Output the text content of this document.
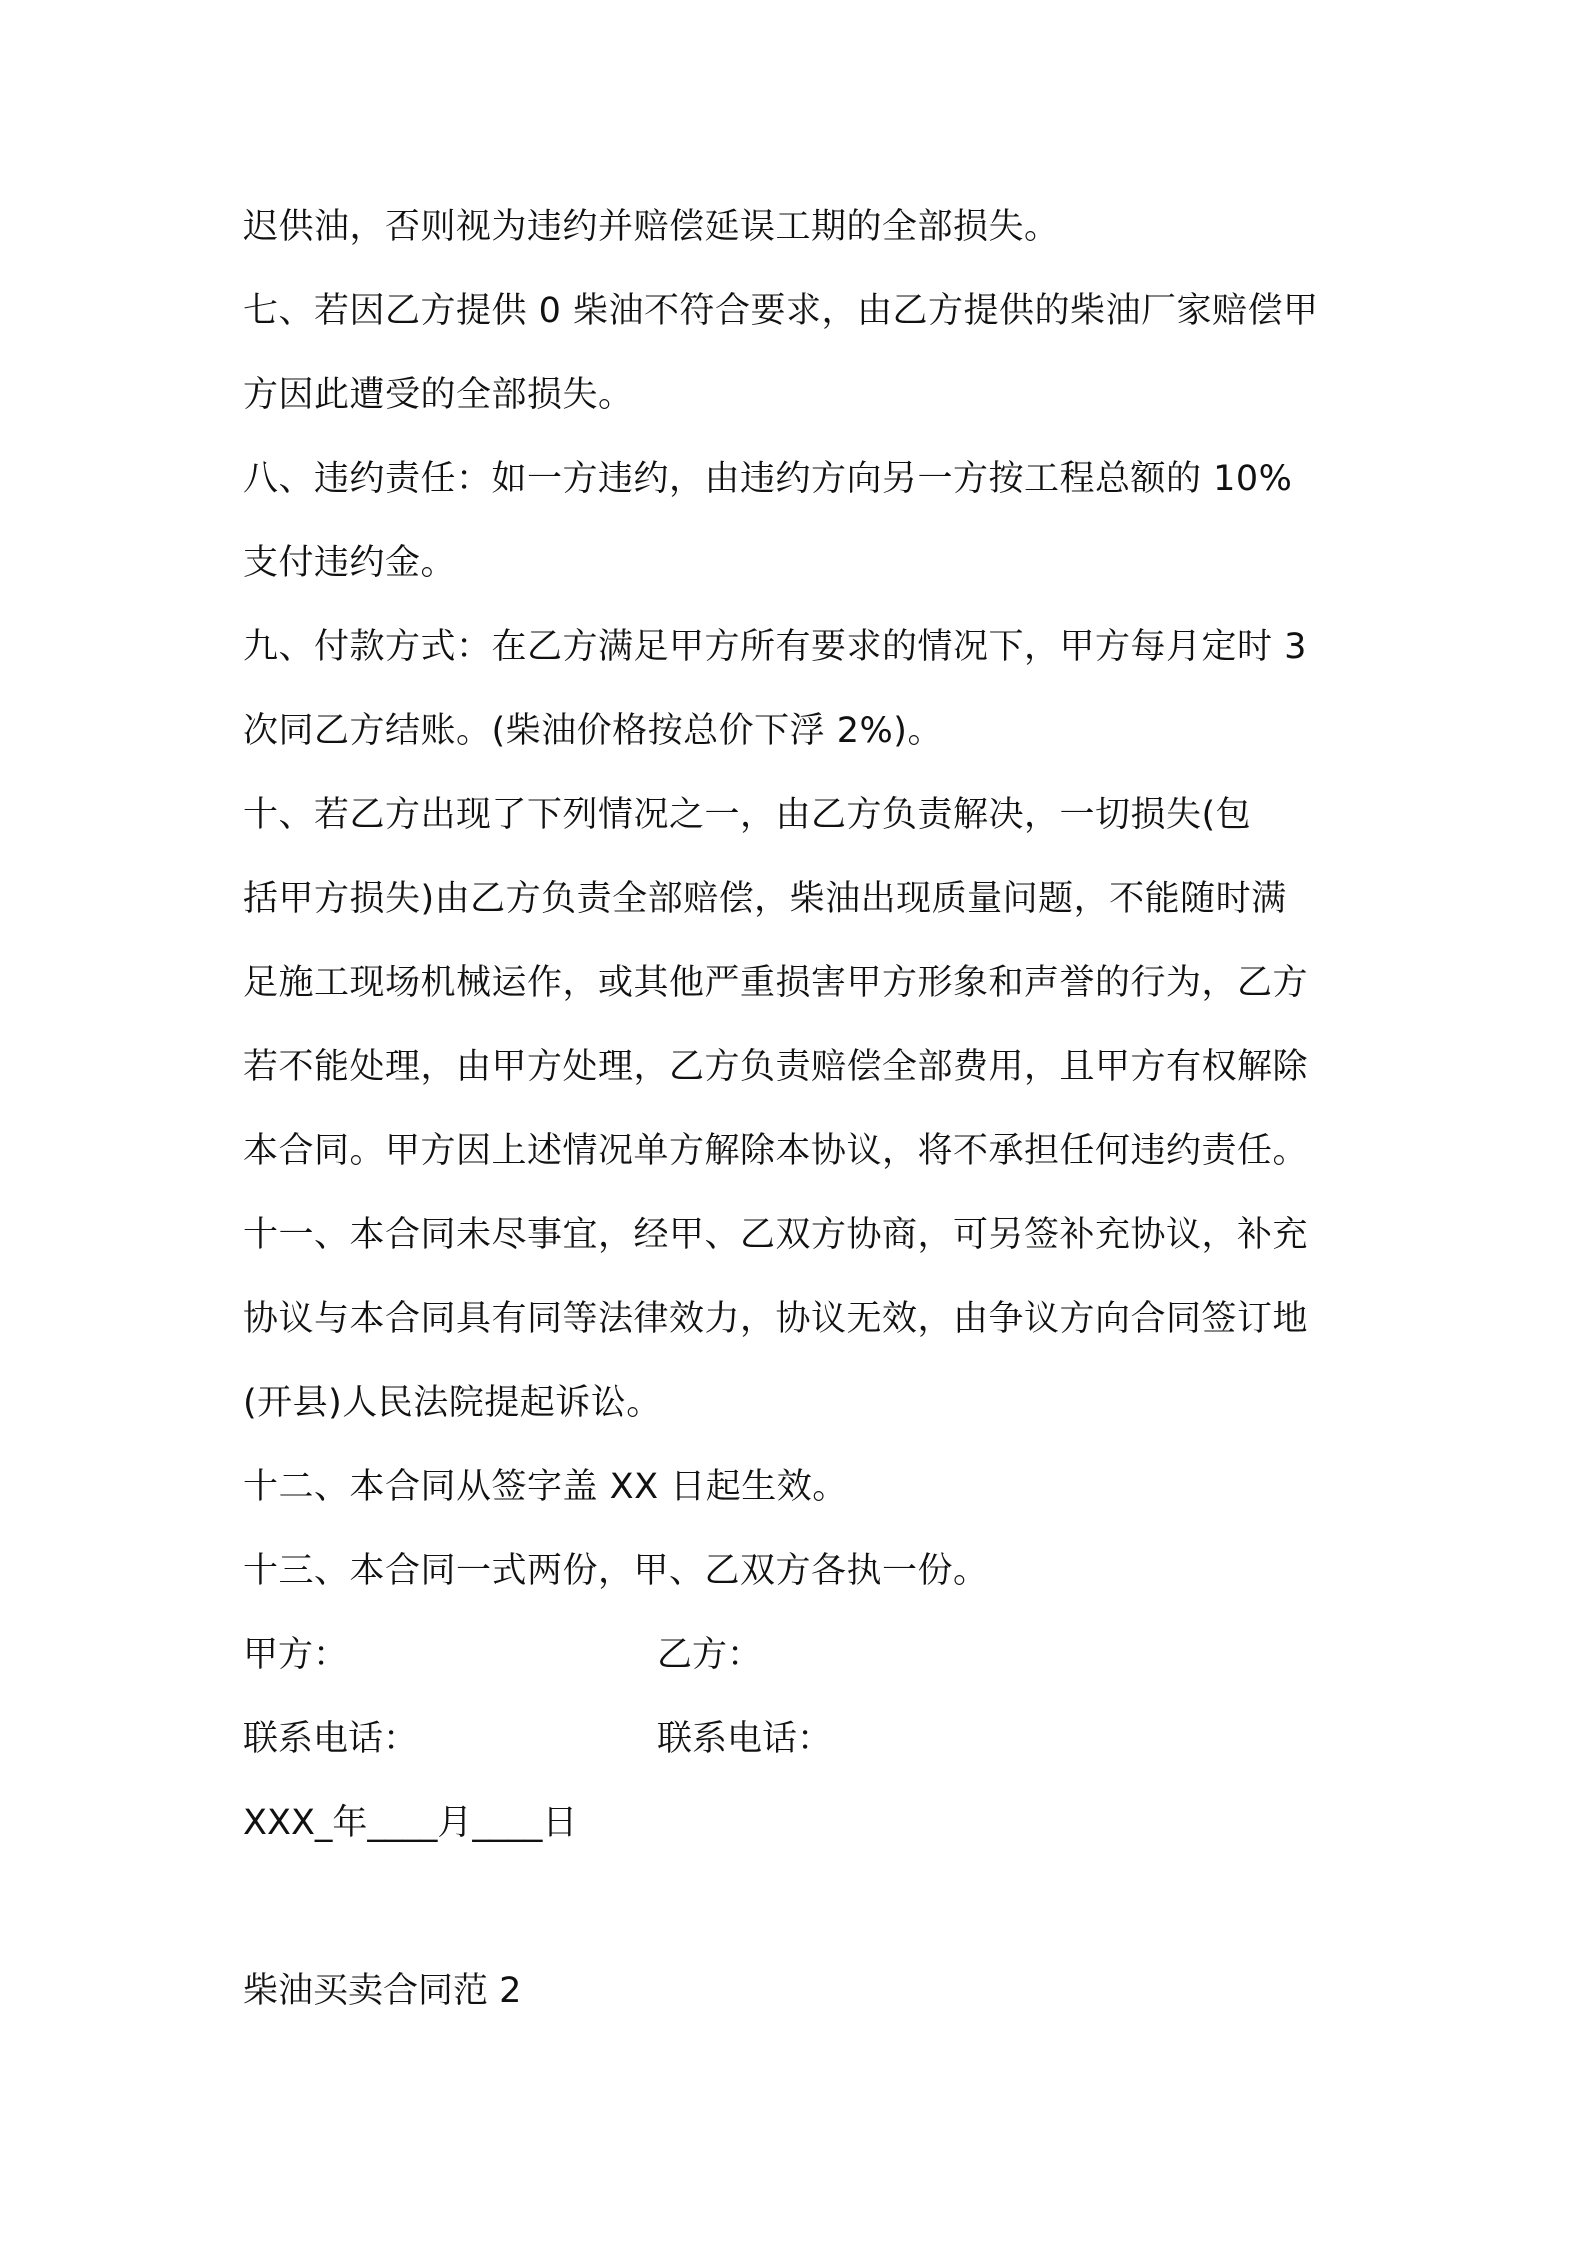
迟供油，否则视为违约并赔偿延误工期的全部损失。
七、若因乙方提供 0 柴油不符合要求，由乙方提供的柴油厂家赔偿甲
方因此遭受的全部损失。
八、违约责任：如一方违约，由违约方向另一方按工程总额的 10%
支付违约金。
九、付款方式：在乙方满足甲方所有要求的情况下，甲方每月定时 3
次同乙方结账。(柴油价格按总价下浮 2%)。
十、若乙方出现了下列情况之一，由乙方负责解决，一切损失(包
括甲方损失)由乙方负责全部赔偿，柴油出现质量问题，不能随时满
足施工现场机械运作，或其他严重损害甲方形象和声誉的行为，乙方
若不能处理，由甲方处理，乙方负责赔偿全部费用，且甲方有权解除
本合同。甲方因上述情况单方解除本协议，将不承担任何违约责任。
十一、本合同未尽事宜，经甲、乙双方协商，可另签补充协议，补充
协议与本合同具有同等法律效力，协议无效，由争议方向合同签订地
(开县)人民法院提起诉讼。
十二、本合同从签字盖 XX 日起生效。
十三、本合同一式两份，甲、乙双方各执一份。
甲方：	乙方：
联系电话：	联系电话：
XXX_年____月____日
柴油买卖合同范 2
